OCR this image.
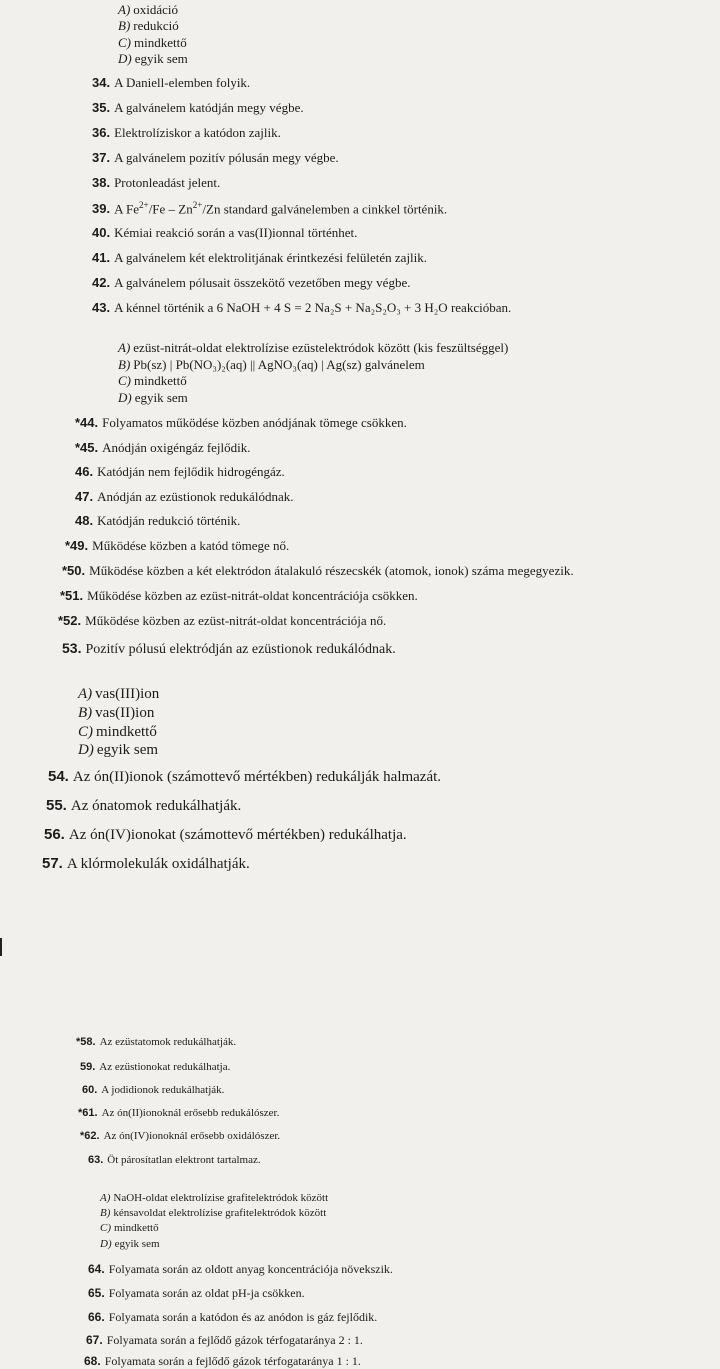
A) oxidáció
B) redukció
C) mindkettő
D) egyik sem
34. A Daniell-elemben folyik.
35. A galvánelem katódján megy végbe.
36. Elektrolíziskor a katódon zajlik.
37. A galvánelem pozitív pólusán megy végbe.
38. Protonleadást jelent.
39. A $Fe^{2+}/Fe - Zn^{2+}/Zn$ standard galvánelemben a cinkkel történik.
40. Kémiai reakció során a vas(II)ionnal történhet.
41. A galvánelem két elektrolitjának érintkezési felületén zajlik.
42. A galvánelem pólusait összekötő vezetőben megy végbe.
43. A kénnel történik a 6 NaOH + 4 S = 2 Na₂S + Na₂S₂O₃ + 3 H₂O reakcióban.
A) ezüst-nitrát-oldat elektrolízise ezüstelektródok között (kis feszültséggel)
B) Pb(sz) | Pb(NO₃)₂(aq) || AgNO₃(aq) | Ag(sz) galvánelem
C) mindkettő
D) egyik sem
*44. Folyamatos működése közben anódjának tömege csökken.
*45. Anódján oxigéngáz fejlődik.
46. Katódján nem fejlődik hidrogéngáz.
47. Anódján az ezüstionok redukálódnak.
48. Katódján redukció történik.
*49. Működése közben a katód tömege nő.
*50. Működése közben a két elektródon átalakuló részecskék (atomok, ionok) száma megegyezik.
*51. Működése közben az ezüst-nitrát-oldat koncentrációja csökken.
*52. Működése közben az ezüst-nitrát-oldat koncentrációja nő.
53. Pozitív pólusú elektródján az ezüstionok redukálódnak.
A) vas(III)ion
B) vas(II)ion
C) mindkettő
D) egyik sem
54. Az ón(II)ionok (számottevő mértékben) redukálják halmazát.
55. Az ónatomok redukálhatják.
56. Az ón(IV)ionokat (számottevő mértékben) redukálhatja.
57. A klórmolekulák oxidálhatják.
*58. Az ezüstatomok redukálhatják.
59. Az ezüstionokat redukálhatja.
60. A jodidionok redukálhatják.
*61. Az ón(II)ionoknál erősebb redukálószer.
*62. Az ón(IV)ionoknál erősebb oxidálószer.
63. Öt párosítatlan elektront tartalmaz.
A) NaOH-oldat elektrolízise grafitelektródok között
B) kénsavoldat elektrolízise grafitelektródok között
C) mindkettő
D) egyik sem
64. Folyamata során az oldott anyag koncentrációja növekszik.
65. Folyamata során az oldat pH-ja csökken.
66. Folyamata során a katódon és az anódon is gáz fejlődik.
67. Folyamata során a fejlődő gázok térfogataránya 2 : 1.
68. Folyamata során a fejlődő gázok térfogataránya 1 : 1.
